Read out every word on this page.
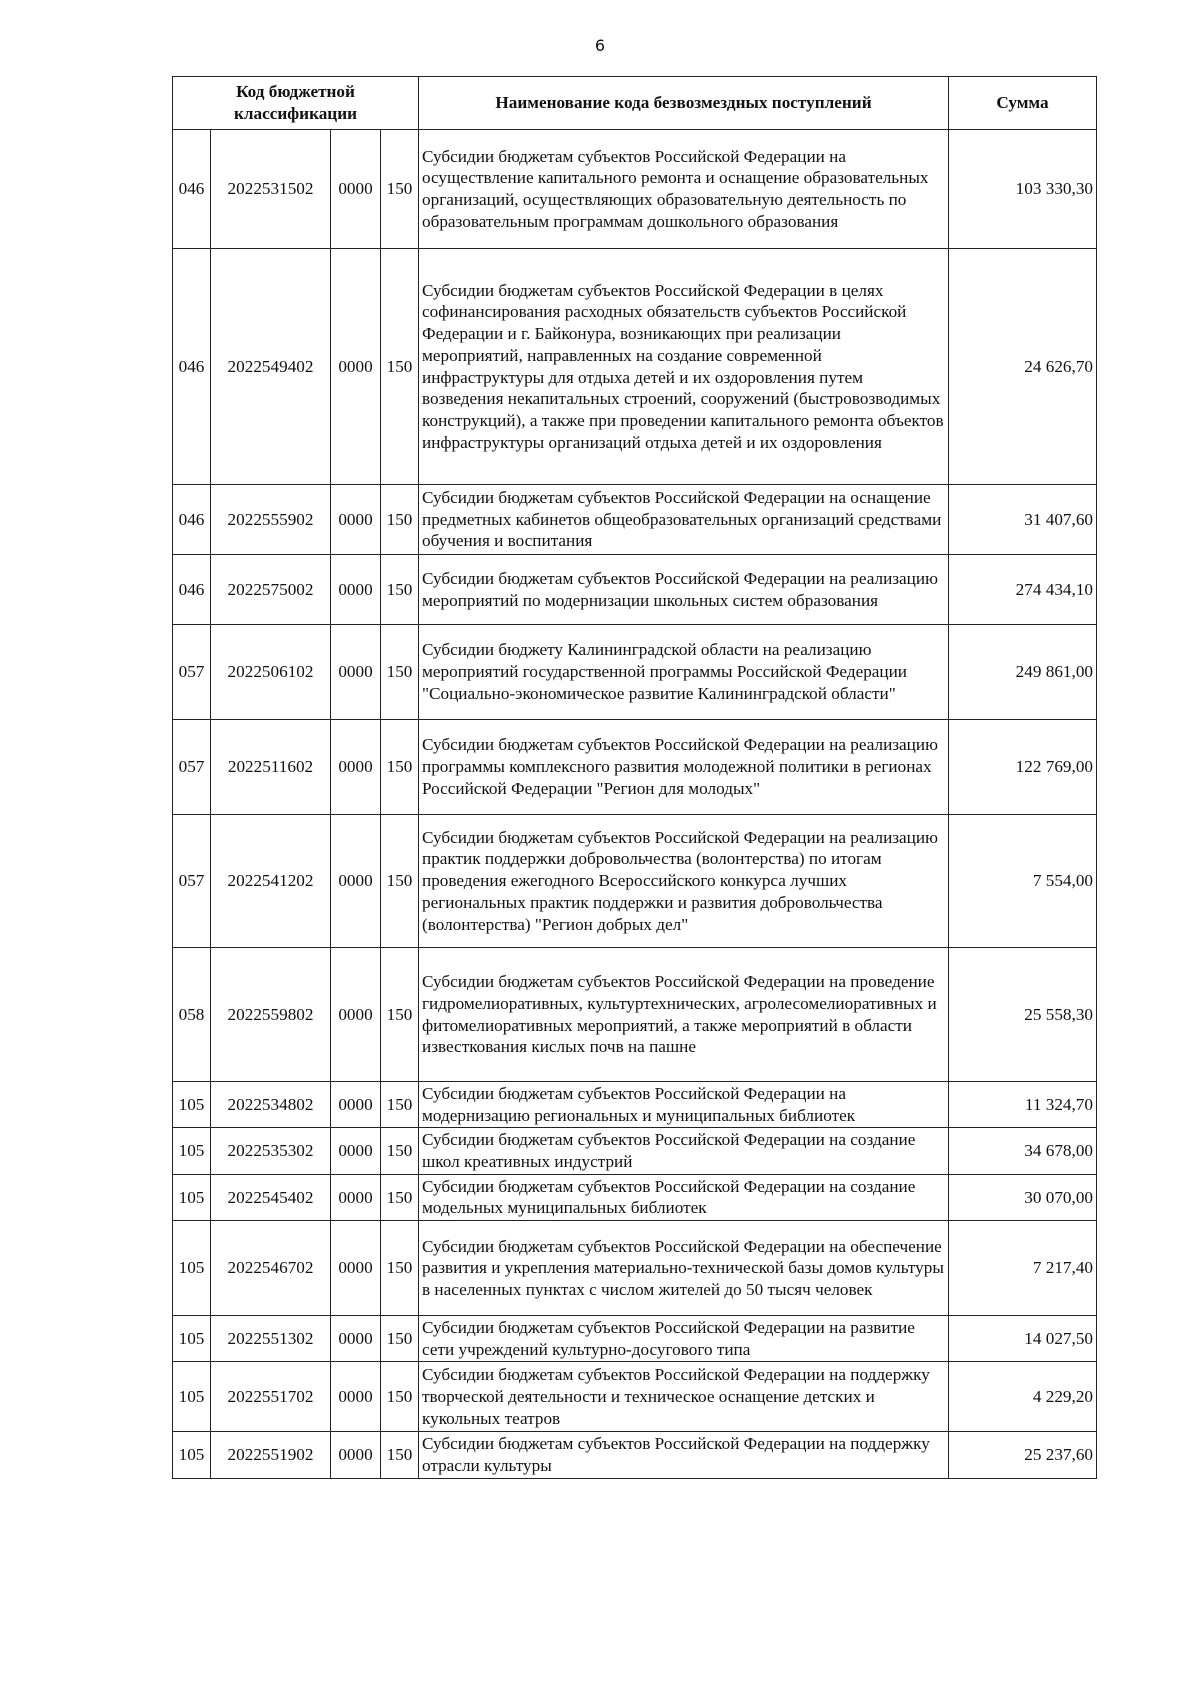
6
Код бюджетной классификации				Наименование кода безвозмездных поступлений	Сумма
046	2022531502	0000	150	Субсидии бюджетам субъектов Российской Федерации на осуществление капитального ремонта и оснащение образовательных организаций, осуществляющих образовательную деятельность по образовательным программам дошкольного образования	103 330,30
046	2022549402	0000	150	Субсидии бюджетам субъектов Российской Федерации в целях софинансирования расходных обязательств субъектов Российской Федерации и г. Байконура, возникающих при реализации мероприятий, направленных на создание современной инфраструктуры для отдыха детей и их оздоровления путем возведения некапитальных строений, сооружений (быстровозводимых конструкций), а также при проведении капитального ремонта объектов инфраструктуры организаций отдыха детей и их оздоровления	24 626,70
046	2022555902	0000	150	Субсидии бюджетам субъектов Российской Федерации на оснащение предметных кабинетов общеобразовательных организаций средствами обучения и воспитания	31 407,60
046	2022575002	0000	150	Субсидии бюджетам субъектов Российской Федерации на реализацию мероприятий по модернизации школьных систем образования	274 434,10
057	2022506102	0000	150	Субсидии бюджету Калининградской области на реализацию мероприятий государственной программы Российской Федерации "Социально-экономическое развитие Калининградской области"	249 861,00
057	2022511602	0000	150	Субсидии бюджетам субъектов Российской Федерации на реализацию программы комплексного развития молодежной политики в регионах Российской Федерации "Регион для молодых"	122 769,00
057	2022541202	0000	150	Субсидии бюджетам субъектов Российской Федерации на реализацию практик поддержки добровольчества (волонтерства) по итогам проведения ежегодного Всероссийского конкурса лучших региональных практик поддержки и развития добровольчества (волонтерства) "Регион добрых дел"	7 554,00
058	2022559802	0000	150	Субсидии бюджетам субъектов Российской Федерации на проведение гидромелиоративных, культуртехнических, агролесомелиоративных и фитомелиоративных мероприятий, а также мероприятий в области известкования кислых почв на пашне	25 558,30
105	2022534802	0000	150	Субсидии бюджетам субъектов Российской Федерации на модернизацию региональных и муниципальных библиотек	11 324,70
105	2022535302	0000	150	Субсидии бюджетам субъектов Российской Федерации на создание школ креативных индустрий	34 678,00
105	2022545402	0000	150	Субсидии бюджетам субъектов Российской Федерации на создание модельных муниципальных библиотек	30 070,00
105	2022546702	0000	150	Субсидии бюджетам субъектов Российской Федерации на обеспечение развития и укрепления материально-технической базы домов культуры в населенных пунктах с числом жителей до 50 тысяч человек	7 217,40
105	2022551302	0000	150	Субсидии бюджетам субъектов Российской Федерации на развитие сети учреждений культурно-досугового типа	14 027,50
105	2022551702	0000	150	Субсидии бюджетам субъектов Российской Федерации на поддержку творческой деятельности и техническое оснащение детских и кукольных театров	4 229,20
105	2022551902	0000	150	Субсидии бюджетам субъектов Российской Федерации на поддержку отрасли культуры	25 237,60
